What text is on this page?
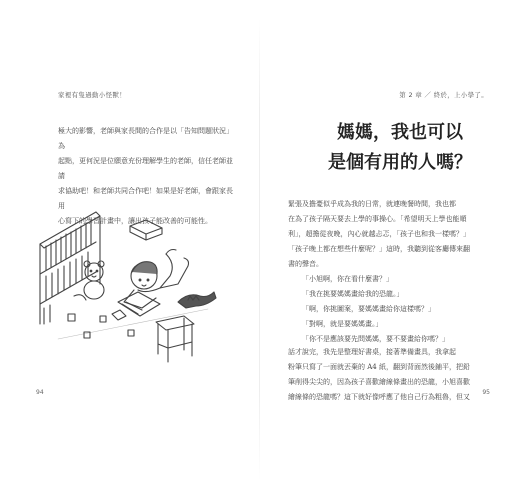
家裡有隻過動小怪獸！

極大的影響，老師與家長間的合作是以「告知問題狀況」為
起點，更何況是位願意充份理解學生的老師，信任老師並請
求協助吧！和老師共同合作吧！如果是好老師，會跟家長用
心寫下的學習計畫中，讓出孩子能改善的可能性。

94
第 2 章 ／ 終於，上小學了。
媽媽，我也可以
是個有用的人嗎？

緊張及擔憂似乎成為我的日常，就連晚餐時間，我也都
在為了孩子隔天要去上學的事操心。「希望明天上學也能順
利」，超擔從夜晚，內心就越忐忑，「孩子也和我一樣嗎？」
「孩子晚上都在想些什麼呢？」這時，我聽到從客廳傳來翻
書的聲音。

「小旭啊，你在看什麼書？」
「我在挑要媽媽畫給我的恐龍。」
「啊，你挑圖案，要媽媽畫給你這樣嗎？」
「對啊，就是要媽媽畫。」
「你不是應該要先問媽媽，要不要畫給你嗎？」

話才說完，我先是整理好書桌，接著準備畫具，我拿起
粉筆只寫了一面就丟棄的 A4 紙，翻到背面然後鋪平，把鉛
筆削得尖尖的，因為孩子喜歡繪線條畫出的恐龍，小旭喜歡
繪線條的恐龍嗎？這下就好像呼應了他自己行為粗魯，但又

95
